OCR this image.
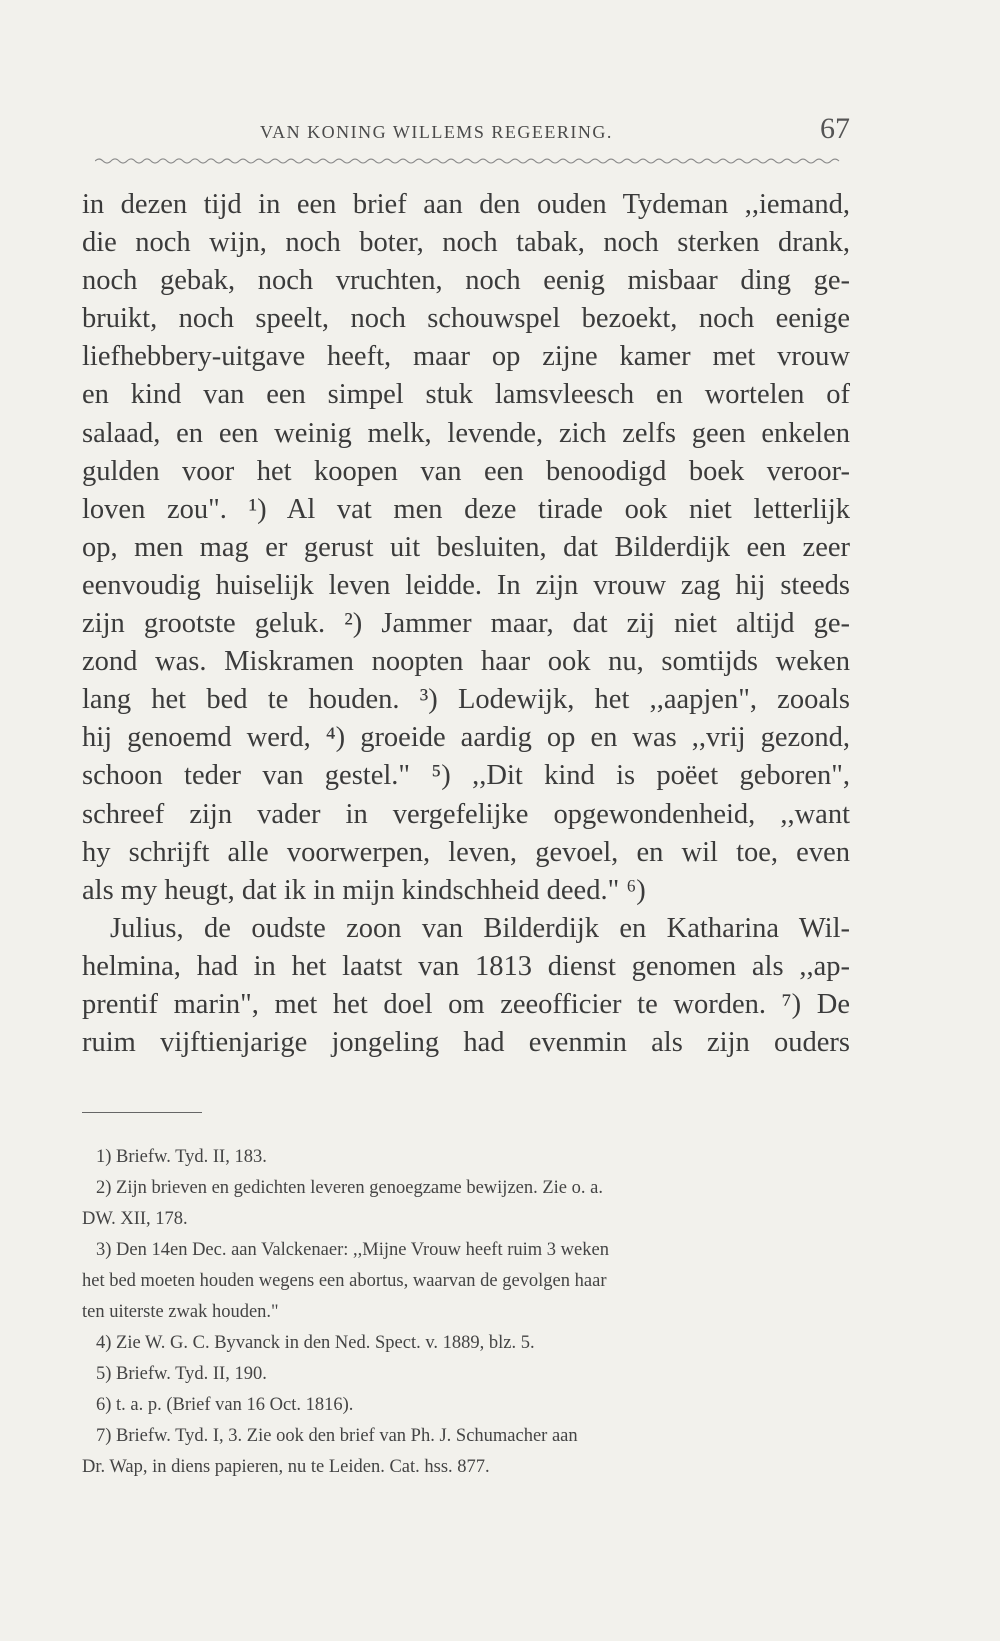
VAN KONING WILLEMS REGEERING.	67
in dezen tijd in een brief aan den ouden Tydeman ,,iemand,
die noch wijn, noch boter, noch tabak, noch sterken drank,
noch gebak, noch vruchten, noch eenig misbaar ding ge-
bruikt, noch speelt, noch schouwspel bezoekt, noch eenige
liefhebbery-uitgave heeft, maar op zijne kamer met vrouw
en kind van een simpel stuk lamsvleesch en wortelen of
salaad, en een weinig melk, levende, zich zelfs geen enkelen
gulden voor het koopen van een benoodigd boek veroor-
loven zou". ¹) Al vat men deze tirade ook niet letterlijk
op, men mag er gerust uit besluiten, dat Bilderdijk een zeer
eenvoudig huiselijk leven leidde. In zijn vrouw zag hij steeds
zijn grootste geluk. ²) Jammer maar, dat zij niet altijd ge-
zond was. Miskramen noopten haar ook nu, somtijds weken
lang het bed te houden. ³) Lodewijk, het ,,aapjen", zooals
hij genoemd werd, ⁴) groeide aardig op en was ,,vrij gezond,
schoon teder van gestel." ⁵) ,,Dit kind is poëet geboren",
schreef zijn vader in vergefelijke opgewondenheid, ,,want
hy schrijft alle voorwerpen, leven, gevoel, en wil toe, even
als my heugt, dat ik in mijn kindschheid deed." ⁶)
Julius, de oudste zoon van Bilderdijk en Katharina Wil-
helmina, had in het laatst van 1813 dienst genomen als ,,ap-
prentif marin", met het doel om zeeofficier te worden. ⁷) De
ruim vijftienjarige jongeling had evenmin als zijn ouders
1) Briefw. Tyd. II, 183.
2) Zijn brieven en gedichten leveren genoegzame bewijzen. Zie o. a.
DW. XII, 178.
3) Den 14en Dec. aan Valckenaer: ,,Mijne Vrouw heeft ruim 3 weken
het bed moeten houden wegens een abortus, waarvan de gevolgen haar
ten uiterste zwak houden."
4) Zie W. G. C. Byvanck in den Ned. Spect. v. 1889, blz. 5.
5) Briefw. Tyd. II, 190.
6) t. a. p. (Brief van 16 Oct. 1816).
7) Briefw. Tyd. I, 3. Zie ook den brief van Ph. J. Schumacher aan
Dr. Wap, in diens papieren, nu te Leiden. Cat. hss. 877.
